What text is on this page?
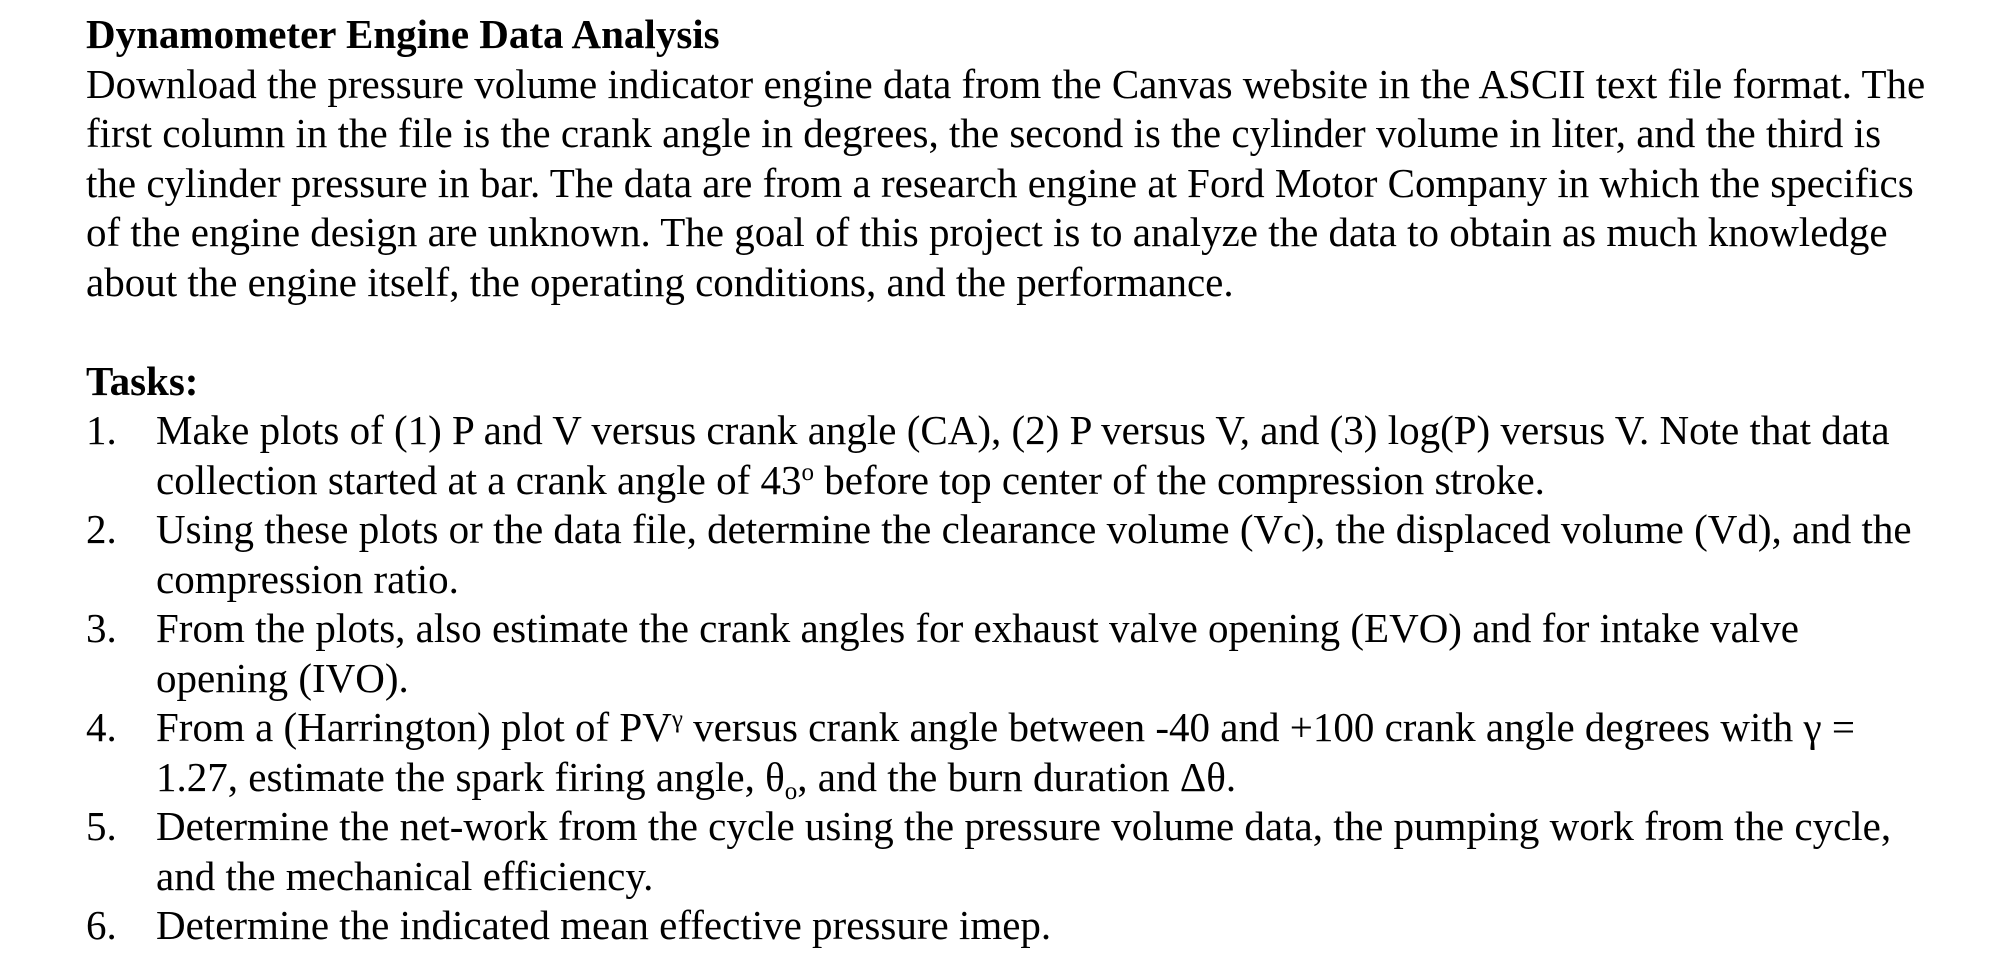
Dynamometer Engine Data Analysis
Download the pressure volume indicator engine data from the Canvas website in the ASCII text file format. The first column in the file is the crank angle in degrees, the second is the cylinder volume in liter, and the third is the cylinder pressure in bar. The data are from a research engine at Ford Motor Company in which the specifics of the engine design are unknown. The goal of this project is to analyze the data to obtain as much knowledge about the engine itself, the operating conditions, and the performance.
Tasks:
1. Make plots of (1) P and V versus crank angle (CA), (2) P versus V, and (3) log(P) versus V. Note that data collection started at a crank angle of 43$^o$ before top center of the compression stroke.
2. Using these plots or the data file, determine the clearance volume (Vc), the displaced volume (Vd), and the compression ratio.
3. From the plots, also estimate the crank angles for exhaust valve opening (EVO) and for intake valve opening (IVO).
4. From a (Harrington) plot of $PV^\gamma$ versus crank angle between -40 and +100 crank angle degrees with γ = 1.27, estimate the spark firing angle, $\theta_o$, and the burn duration Δθ.
5. Determine the net-work from the cycle using the pressure volume data, the pumping work from the cycle, and the mechanical efficiency.
6. Determine the indicated mean effective pressure imep.
